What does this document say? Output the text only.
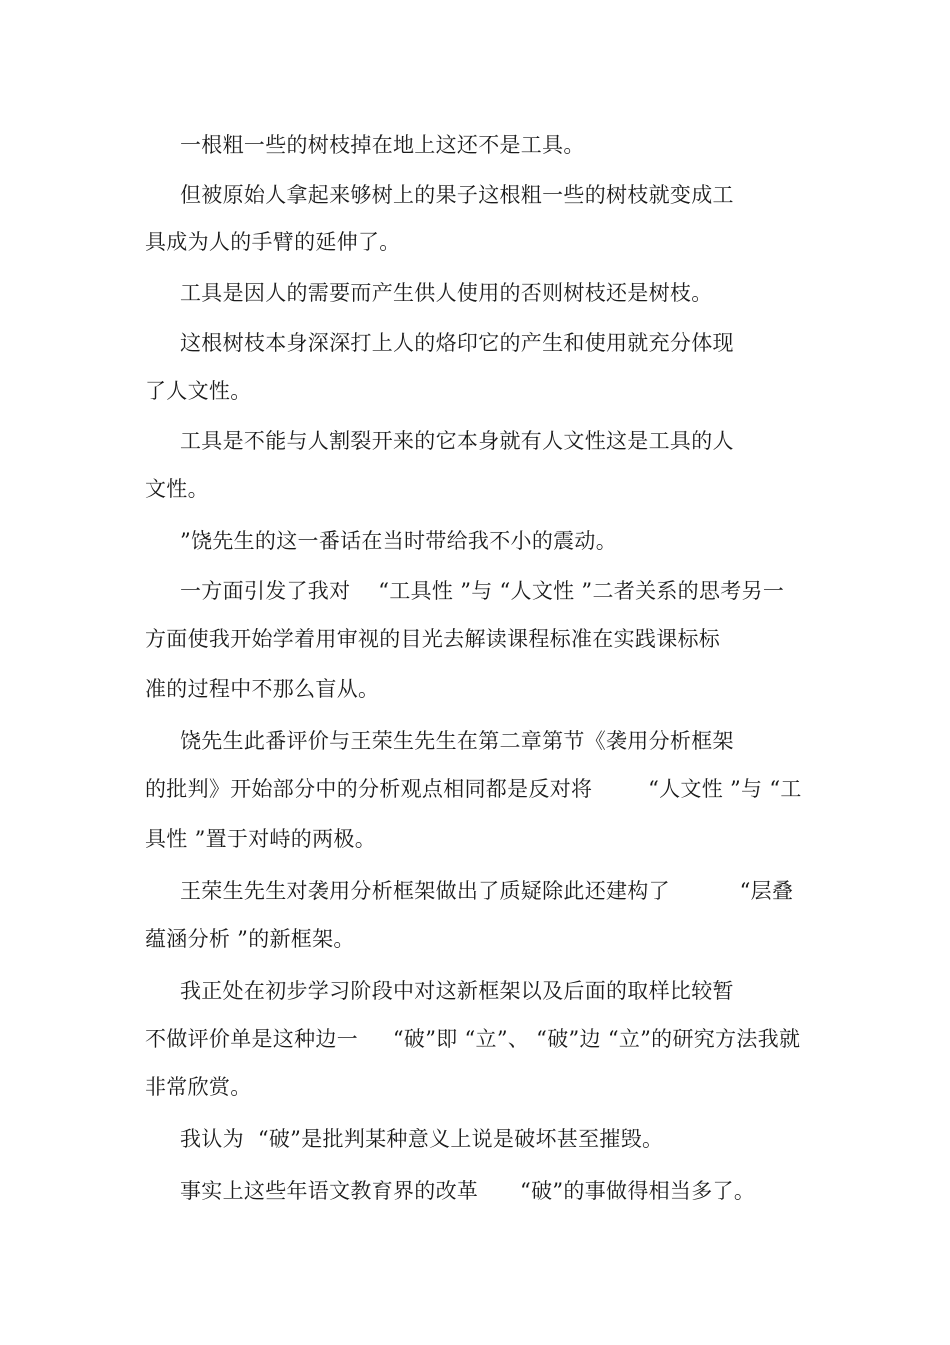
一根粗一些的树枝掉在地上这还不是工具。
但被原始人拿起来够树上的果子这根粗一些的树枝就变成工
具成为人的手臂的延伸了。
工具是因人的需要而产生供人使用的否则树枝还是树枝。
这根树枝本身深深打上人的烙印它的产生和使用就充分体现
了人文性。
工具是不能与人割裂开来的它本身就有人文性这是工具的人
文性。
”饶先生的这一番话在当时带给我不小的震动。
一方面引发了我对    “工具性 ”与 “人文性 ”二者关系的思考另一
方面使我开始学着用审视的目光去解读课程标准在实践课标标
准的过程中不那么盲从。
饶先生此番评价与王荣生先生在第二章第节《袭用分析框架
的批判》开始部分中的分析观点相同都是反对将        “人文性 ”与 “工
具性 ”置于对峙的两极。
王荣生先生对袭用分析框架做出了质疑除此还建构了          “层叠
蕴涵分析 ”的新框架。
我正处在初步学习阶段中对这新框架以及后面的取样比较暂
不做评价单是这种边一     “破”即 “立”、 “破”边 “立”的研究方法我就
非常欣赏。
我认为  “破”是批判某种意义上说是破坏甚至摧毁。
事实上这些年语文教育界的改革      “破”的事做得相当多了。
